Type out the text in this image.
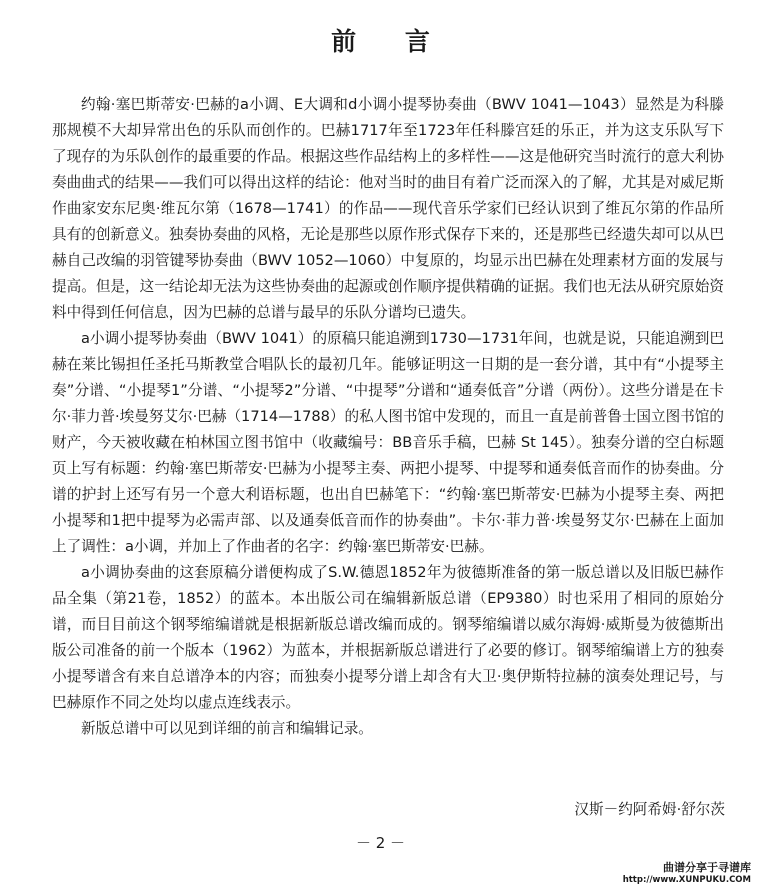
前 言

约翰·塞巴斯蒂安·巴赫的a小调、E大调和d小调小提琴协奏曲（BWV 1041—1043）显然是为科滕那规模不大却异常出色的乐队而创作的。巴赫1717年至1723年任科滕宫廷的乐正，并为这支乐队写下了现存的为乐队创作的最重要的作品。根据这些作品结构上的多样性——这是他研究当时流行的意大利协奏曲曲式的结果——我们可以得出这样的结论：他对当时的曲目有着广泛而深入的了解，尤其是对威尼斯作曲家安东尼奥·维瓦尔第（1678—1741）的作品——现代音乐学家们已经认识到了维瓦尔第的作品所具有的创新意义。独奏协奏曲的风格，无论是那些以原作形式保存下来的，还是那些已经遗失却可以从巴赫自己改编的羽管键琴协奏曲（BWV 1052—1060）中复原的，均显示出巴赫在处理素材方面的发展与提高。但是，这一结论却无法为这些协奏曲的起源或创作顺序提供精确的证据。我们也无法从研究原始资料中得到任何信息，因为巴赫的总谱与最早的乐队分谱均已遗失。

a小调小提琴协奏曲（BWV 1041）的原稿只能追溯到1730—1731年间，也就是说，只能追溯到巴赫在莱比锡担任圣托马斯教堂合唱队长的最初几年。能够证明这一日期的是一套分谱，其中有“小提琴主奏”分谱、“小提琴1”分谱、“小提琴2”分谱、“中提琴”分谱和“通奏低音”分谱（两份）。这些分谱是在卡尔·菲力普·埃曼努艾尔·巴赫（1714—1788）的私人图书馆中发现的，而且一直是前普鲁士国立图书馆的财产，今天被收藏在柏林国立图书馆中（收藏编号：BB音乐手稿，巴赫 St 145）。独奏分谱的空白标题页上写有标题：约翰·塞巴斯蒂安·巴赫为小提琴主奏、两把小提琴、中提琴和通奏低音而作的协奏曲。分谱的护封上还写有另一个意大利语标题，也出自巴赫笔下：“约翰·塞巴斯蒂安·巴赫为小提琴主奏、两把小提琴和1把中提琴为必需声部、以及通奏低音而作的协奏曲”。卡尔·菲力普·埃曼努艾尔·巴赫在上面加上了调性：a小调，并加上了作曲者的名字：约翰·塞巴斯蒂安·巴赫。

a小调协奏曲的这套原稿分谱便构成了S.W.德恩1852年为彼德斯准备的第一版总谱以及旧版巴赫作品全集（第21卷，1852）的蓝本。本出版公司在编辑新版总谱（EP9380）时也采用了相同的原始分谱，而目目前这个钢琴缩编谱就是根据新版总谱改编而成的。钢琴缩编谱以威尔海姆·威斯曼为彼德斯出版公司准备的前一个版本（1962）为蓝本，并根据新版总谱进行了必要的修订。钢琴缩编谱上方的独奏小提琴谱含有来自总谱净本的内容；而独奏小提琴分谱上却含有大卫·奥伊斯特拉赫的演奏处理记号，与巴赫原作不同之处均以虚点连线表示。

新版总谱中可以见到详细的前言和编辑记录。

汉斯－约阿希姆·舒尔茨
－ 2 －
曲谱分享于寻谱库
http://www.XUNPUKU.COM
